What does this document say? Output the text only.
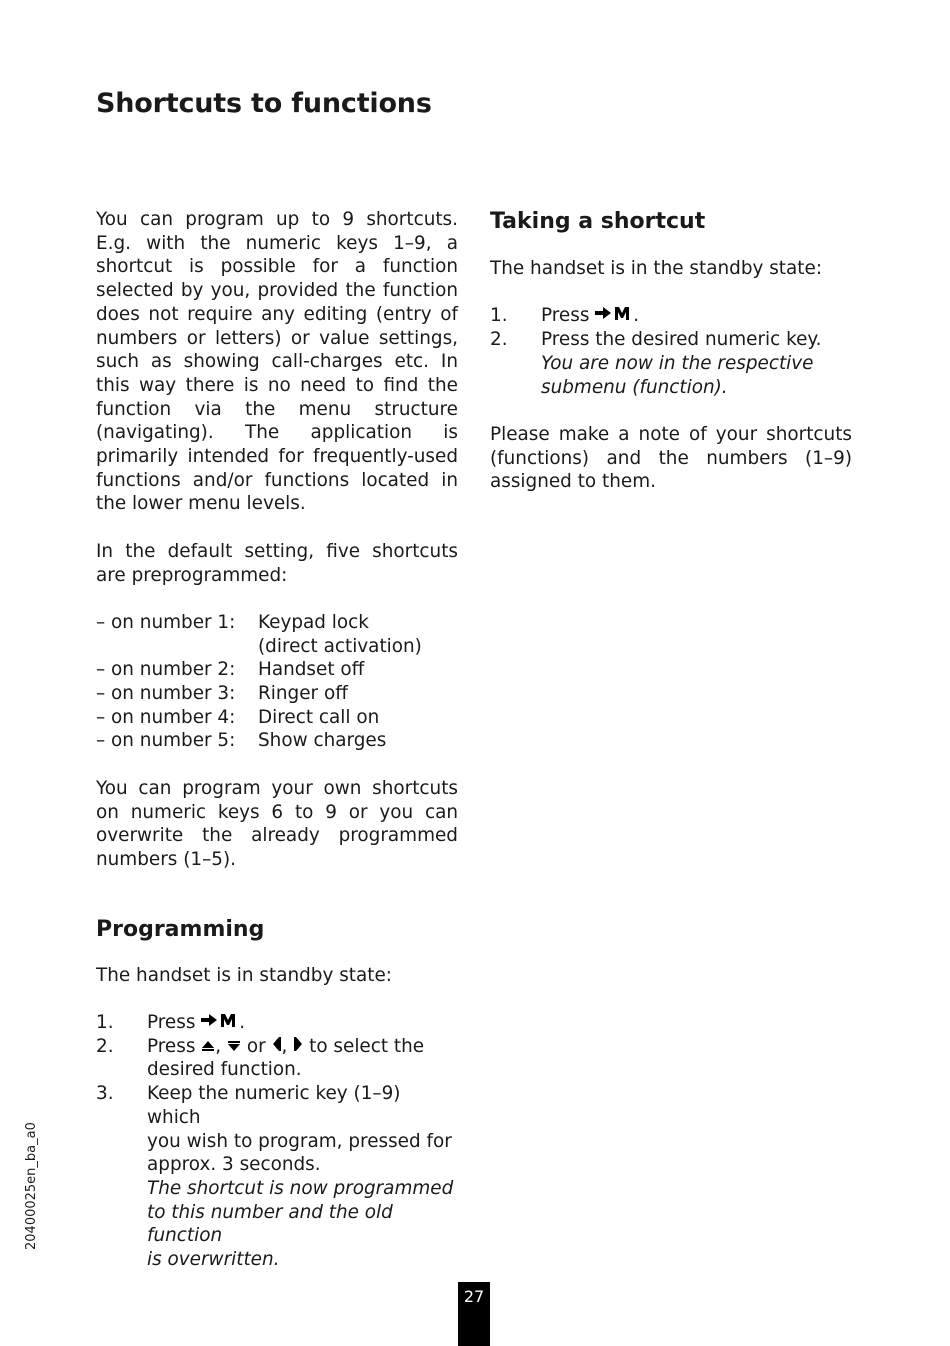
Shortcuts to functions

You can program up to 9 shortcuts. E.g. with the numeric keys 1–9, a shortcut is possible for a function selected by you, provided the function does not require any editing (entry of numbers or letters) or value settings, such as showing call-charges etc. In this way there is no need to find the function via the menu structure (navigating). The application is primarily intended for frequently-used functions and/or functions located in the lower menu levels.

In the default setting, five shortcuts are preprogrammed:

– on number 1:	Keypad lock
(direct activation)
– on number 2:	Handset off
– on number 3:	Ringer off
– on number 4:	Direct call on
– on number 5:	Show charges

You can program your own shortcuts on numeric keys 6 to 9 or you can overwrite the already programmed numbers (1–5).

Programming

The handset is in standby state:

1.	Press .
2.	Press , or , to select the
desired function.
3.	Keep the numeric key (1–9) which
you wish to program, pressed for
approx. 3 seconds.
The shortcut is now programmed
to this number and the old function
is overwritten.
Taking a shortcut

The handset is in the standby state:

1.	Press .
2.	Press the desired numeric key.
You are now in the respective
submenu (function).

Please make a note of your shortcuts (functions) and the numbers (1–9) assigned to them.

20400025en_ba_a0
27
